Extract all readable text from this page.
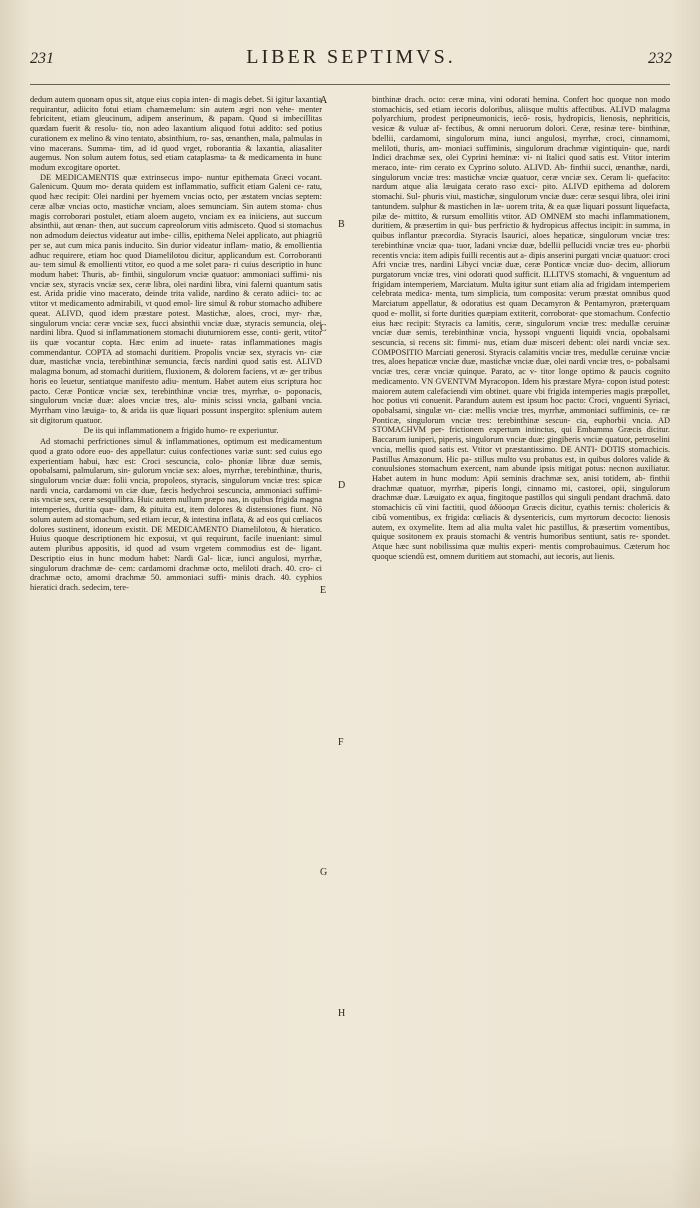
231	LIBER SEPTIMVS.	232

dedum autem quonam opus sit, atque eius copia inten- di magis debet. Si igitur laxantia requirantur, adiicito fotui etiam chamæmelum: sin autem ægri non vehe- menter febricitent, etiam gleucinum, adipem anserinum, & papam. Quod si imbecillitas quædam fuerit & resolu- tio, non adeo laxantium aliquod fotui addito: sed potius curationem ex melino & vino tentato, absinthium, ro- sas, œnanthen, mala, palmulas in vino macerans. Summa- tim, ad id quod vrget, roborantia & laxantia, aliasaliter augemus. Non solum autem fotus, sed etiam cataplasma- ta & medicamenta in hunc modum excogitare oportet.

DE MEDICAMENTIS quæ extrinsecus impo- nuntur epithemata Græci vocant. Galenicum. Quum mo- derata quidem est inflammatio, sufficit etiam Galeni ce- ratu, quod hæc recipit: Olei nardini per hyemem vncias octo, per æstatem vncias septem: ceræ albæ vncias octo, mastichæ vnciam, aloes semunciam. Sin autem stoma- chus magis corroborari postulet, etiam aloem augeto, vnciam ex ea iniiciens, aut succum absinthii, aut œnan- then, aut succum capreolorum vitis admisceto. Quod si stomachus non admodum deiectus videatur aut imbe- cillis, epithema Nelei applicato, aut phiagriū per se, aut cum mica panis inducito. Sin durior videatur inflam- matio, & emollientia adhuc requirere, etiam hoc quod Diamelilotou dicitur, applicandum est. Corroboranti au- tem simul & emollienti vtitor, eo quod a me solet para- ri cuius descriptio in hunc modum habet: Thuris, ab- finthii, singulorum vnciæ quatuor: ammoniaci suffimi- nis vnciæ sex, styracis vnciæ sex, ceræ libra, olei nardini libra, vini falerni quantum satis est. Arida pridie vino macerato, deinde trita valide, nardino & cerato adiici- to: ac vtitor vt medicamento admirabili, vt quod emol- lire simul & robur stomacho adhibere queat. ALIVD, quod idem præstare potest. Mastichæ, aloes, croci, myr- rhæ, singulorum vncia: ceræ vnciæ sex, fucci absinthii vnciæ duæ, styracis semuncia, olei nardini libra. Quod si inflammationem stomachi diuturniorem esse, conti- gerit, vtitor iis quæ vocantur copta. Hæc enim ad inuete- ratas inflammationes magis commendantur. COPTA ad stomachi duritiem. Propolis vnciæ sex, styracis vn- ciæ duæ, mastichæ vncia, terebinthinæ semuncia, fæcis nardini quod satis est. ALIVD malagma bonum, ad stomachi duritiem, fluxionem, & dolorem faciens, vt æ- ger tribus horis eo leuetur, sentiatque manifesto adiu- mentum. Habet autem eius scriptura hoc pacto. Ceræ Ponticæ vnciæ sex, terebinthinæ vnciæ tres, myrrhæ, o- poponacis, singulorum vnciæ duæ: aloes vnciæ tres, alu- minis scissi vncia, galbani vncia. Myrrham vino læuiga- to, & arida iis quæ liquari possunt inspergito: splenium autem sit digitorum quatuor.

De iis qui inflammationem a frigido humo- re experiuntur.

Ad stomachi perfrictiones simul & inflammationes, optimum est medicamentum quod a grato odore euo- des appellatur: cuius confectiones variæ sunt: sed cuius ego experientiam habui, hæc est: Croci sescuncia, colo- phoniæ libræ duæ semis, opobalsami, palmularum, sin- gulorum vnciæ sex: aloes, myrrhæ, terebinthinæ, thuris, singulorum vnciæ duæ: folii vncia, propoleos, styracis, singulorum vnciæ tres: spicæ nardi vncia, cardamomi vn ciæ duæ, fæcis hedychroi sescuncia, ammoniaci suffimi- nis vnciæ sex, ceræ sesquilibra. Huic autem nullum præpo nas, in quibus frigida magna intemperies, duritia quæ- dam, & pituita est, item dolores & distensiones fiunt. Nõ solum autem ad stomachum, sed etiam iecur, & intestina inflata, & ad eos qui cœliacos dolores sustinent, idoneum existit. DE MEDICAMENTO Diamelilotou, & hieratico. Huius quoque descriptionem hic exposui, vt qui requirunt, facile inueniant: simul autem pluribus appositis, id quod ad vsum vrgetem commodius est de- ligant. Descriptio eius in hunc modum habet: Nardi Gal- licæ, iunci angulosi, myrrhæ, singulorum drachmæ de- cem: cardamomi drachmæ octo, meliloti drach. 40. cro- ci drachmæ octo, amomi drachmæ 50. ammoniaci suffi- minis drach. 40. cyphios hieratici drach. sedecim, tere-

A
B
C
D
E
F
G
H

binthinæ drach. octo: ceræ mina, vini odorati hemina. Confert hoc quoque non modo stomachicis, sed etiam iecoris doloribus, aliisque multis affectibus. ALIVD malagma polyarchium, prodest peripneumonicis, iecõ- rosis, hydropicis, lienosis, nephriticis, vesicæ & vuluæ af- fectibus, & omni neruorum dolori. Ceræ, resinæ tere- binthinæ, bdellii, cardamomi, singulorum mina, iunci angulosi, myrrhæ, croci, cinnamomi, meliloti, thuris, am- moniaci suffiminis, singulorum drachmæ vigintiquin- que, nardi Indici drachmæ sex, olei Cyprini heminæ: vi- ni Italici quod satis est. Vtitor interim meraco, inte- rim cerato ex Cyprino soluto. ALIVD. Ab- finthii succi, œnanthæ, nardi, singulorum vnciæ tres: mastichæ vnciæ quatuor, ceræ vnciæ sex. Ceram li- quefacito: nardum atque alia læuigata cerato raso exci- pito. ALIVD epithema ad dolorem stomachi. Sul- phuris viui, mastichæ, singulorum vnciæ duæ: ceræ sesqui libra, olei irini tantundem. sulphur & mastichen in læ- uorem trita, & ea quæ liquari possunt liquefacta, pilæ de- mittito, & rursum emollitis vtitor. AD OMNEM sto machi inflammationem, duritiem, & præsertim in qui- bus perfrictio & hydropicus affectus incipit: in summa, in quibus inflantur præcordia. Styracis Isaurici, aloes hepaticæ, singulorum vnciæ tres: terebinthinæ vnciæ qua- tuor, ladani vnciæ duæ, bdellii pellucidi vnciæ tres eu- phorbii recentis vncia: item adipis fuilli recentis aut a- dipis anserini purgati vnciæ quatuor: croci Afri vnciæ tres, nardini Libyci vnciæ duæ, ceræ Ponticæ vnciæ duo- decim, alliorum purgatorum vnciæ tres, vini odorati quod sufficit. ILLITVS stomachi, & vnguentum ad frigidam intemperiem, Marciatum. Multa igitur sunt etiam alia ad frigidam intemperiem celebrata medica- menta, tum simplicia, tum composita: verum præstat omnibus quod Marciatum appellatur, & odoratius est quam Decamyron & Pentamyron, præterquam quod e- mollit, si forte durities quæpiam extiterit, corroborat- que stomachum. Confectio eius hæc recipit: Styracis ca lamitis, ceræ, singulorum vnciæ tres: medullæ ceruinæ vnciæ duæ semis, terebinthinæ vncia, hyssopi vnguenti liquidi vncia, opobalsami sescuncia, si recens sit: fimmi- nus, etiam duæ misceri debent: olei nardi vnciæ sex. COMPOSITIO Marciati generosi. Styracis calamitis vnciæ tres, medullæ ceruinæ vnciæ tres, aloes hepaticæ vnciæ duæ, mastichæ vnciæ duæ, olei nardi vnciæ tres, o- pobalsami vnciæ tres, ceræ vnciæ quinque. Parato, ac v- titor longe optimo & paucis cognito medicamento. VN GVENTVM Myracopon. Idem his præstare Myra- copon istud potest: maiorem autem calefaciendi vim obtinet. quare vbi frigida intemperies magis præpollet, hoc potius vti conuenit. Parandum autem est ipsum hoc pacto: Croci, vnguenti Syriaci, opobalsami, singulæ vn- ciæ: mellis vnciæ tres, myrrhæ, ammoniaci suffiminis, ce- ræ Ponticæ, singulorum vnciæ tres: terebinthinæ sescun- cia, euphorbii vncia. AD STOMACHVM per- frictionem expertum intinctus, qui Embamma Græcis dicitur. Baccarum iuniperi, piperis, singulorum vnciæ duæ: gingiberis vnciæ quatuor, petroselini vncia, mellis quod satis est. Vtitor vt præstantissimo. DE ANTI- DOTIS stomachicis. Pastillus Amazonum. Hic pa- stillus multo vsu probatus est, in quibus dolores valide & conuulsiones stomachum exercent, nam abunde ipsis mitigat potus: necnon auxiliatur. Habet autem in hunc modum: Apii seminis drachmæ sex, anisi totidem, ab- finthii drachmæ quatuor, myrrhæ, piperis longi, cinnamo mi, castorei, opii, singulorum drachmæ duæ. Læuigato ex aqua, fingitoque pastillos qui singuli pendant drachmã. dato stomachicis cũ vini factitii, quod ἀδύοσμα Græcis dicitur, cyathis ternis: cholericis & cibũ vomentibus, ex frigida: cœliacis & dysentericis, cum myrtorum decocto: lienosis autem, ex oxymelite. Item ad alia multa valet hic pastillus, & præsertim vomentibus, quique sositonem ex prauis stomachi & ventris humoribus sentiunt, satis re- spondet. Atque hæc sunt nobilissima quæ multis experi- mentis comprobauimus. Cæterum hoc quoque sciendũ est, omnem duritiem aut stomachi, aut iecoris, aut lienis.
